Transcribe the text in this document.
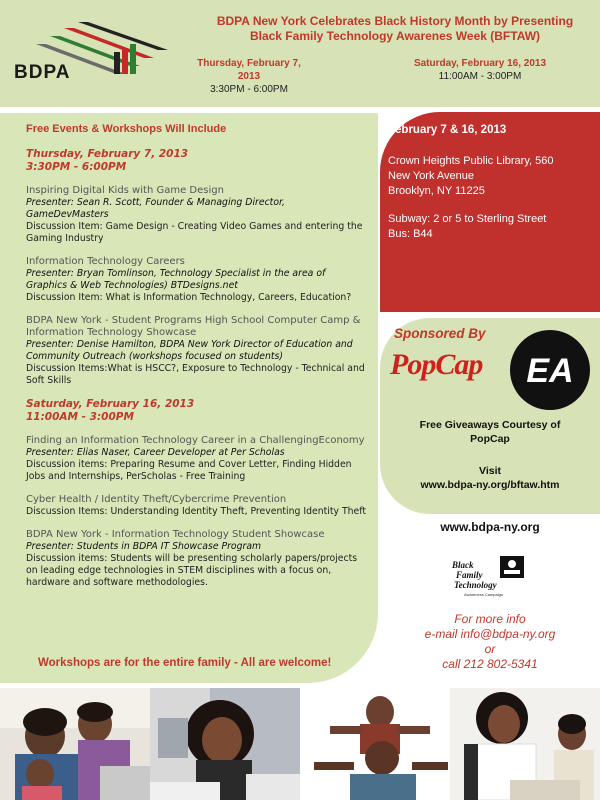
BDPA
BDPA New York Celebrates Black History Month by Presenting
Black Family Technology Awarenes Week (BFTAW)
Thursday, February 7, 2013
3:30PM - 6:00PM
Saturday, February 16, 2013
11:00AM - 3:00PM
Free Events & Workshops Will Include
Thursday, February 7, 2013
3:30PM - 6:00PM
Inspiring Digital Kids with Game Design
Presenter: Sean R. Scott, Founder & Managing Director, GameDevMasters
Discussion Item: Game Design - Creating Video Games and entering the Gaming Industry
Information Technology Careers
Presenter: Bryan Tomlinson, Technology Specialist in the area of Graphics & Web Technologies) BTDesigns.net
Discussion Item: What is Information Technology, Careers, Education?
BDPA New York - Student Programs High School Computer Camp & Information Technology Showcase
Presenter: Denise Hamilton, BDPA New York Director of Education and Community Outreach (workshops focused on students)
Discussion Items:What is HSCC?, Exposure to Technology - Technical and Soft Skills
Saturday, February 16, 2013
11:00AM - 3:00PM
Finding an Information Technology Career in a ChallengingEconomy
Presenter: Elias Naser, Career Developer at Per Scholas
Discussion items: Preparing Resume and Cover Letter, Finding Hidden Jobs and Internships, PerScholas - Free Training
Cyber Health / Identity Theft/Cybercrime Prevention
Discussion Items: Understanding Identity Theft, Preventing Identity Theft
BDPA New York - Information Technology Student Showcase
Presenter: Students in BDPA IT Showcase Program
Discussion items: Students will be presenting scholarly papers/projects on leading edge technologies in STEM disciplines with a focus on, hardware and software methodologies.
Workshops are for the entire family - All are welcome!
February 7 & 16, 2013
Crown Heights Public Library, 560
New York Avenue
Brooklyn, NY 11225
Subway: 2 or 5 to Sterling Street
Bus: B44
Sponsored By
PopCap EA
Free Giveaways Courtesy of
PopCap
Visit
www.bdpa-ny.org/bftaw.htm
www.bdpa-ny.org
Black
Family
Technology
Awareness Campaign
For more info
e-mail info@bdpa-ny.org
or
call 212 802-5341
